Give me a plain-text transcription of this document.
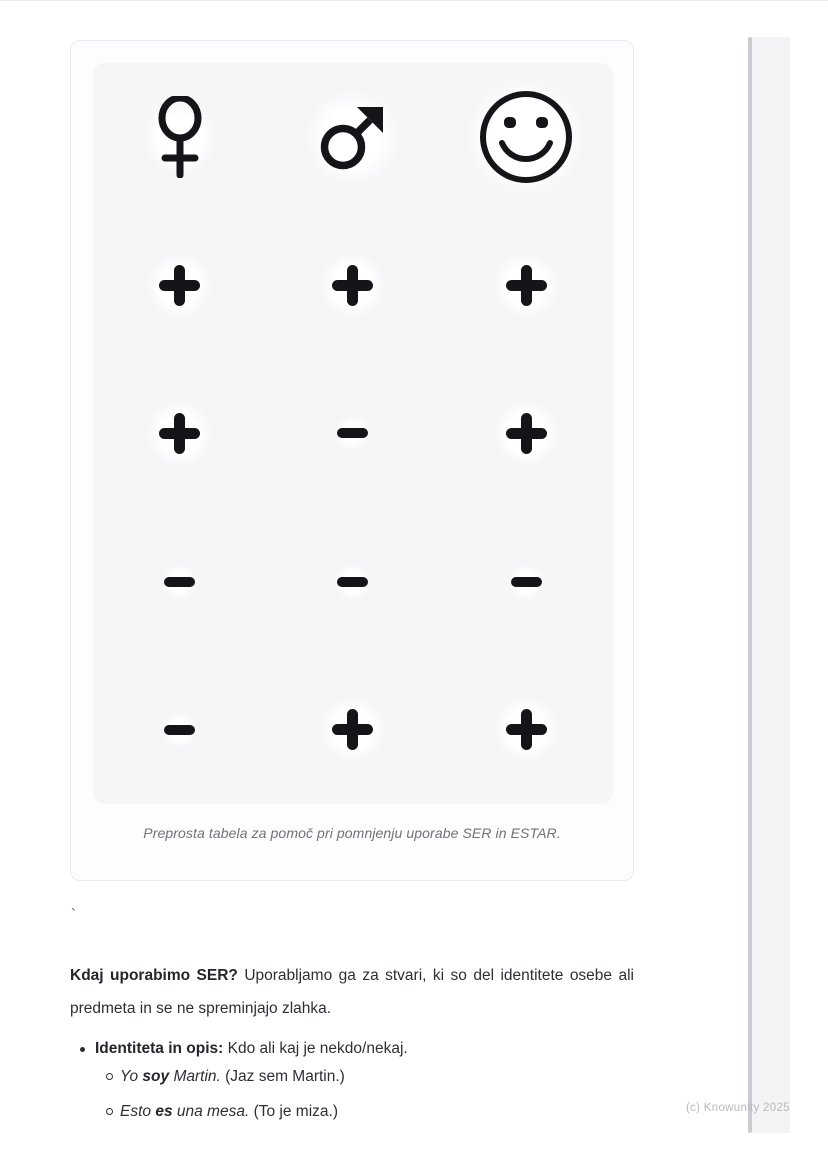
Preprosta tabela za pomoč pri pomnjenju uporabe SER in ESTAR.
`

Kdaj uporabimo SER? Uporabljamo ga za stvari, ki so del identitete osebe ali predmeta in se ne spreminjajo zlahka.

Identiteta in opis: Kdo ali kaj je nekdo/nekaj.
Yo soy Martin. (Jaz sem Martin.)
Esto es una mesa. (To je miza.)	(c) Knowunity 2025
